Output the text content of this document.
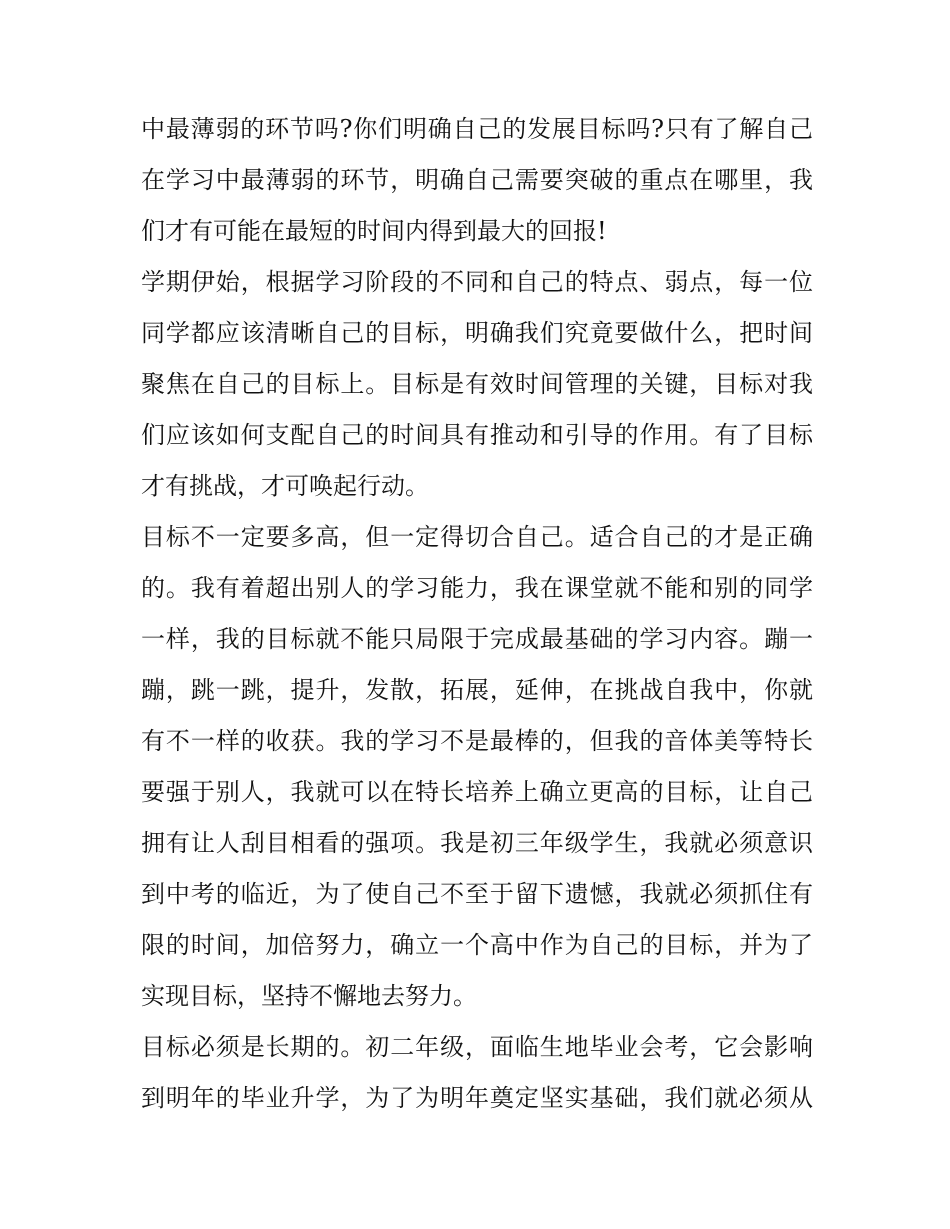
中最薄弱的环节吗?你们明确自己的发展目标吗?只有了解自己
在学习中最薄弱的环节，明确自己需要突破的重点在哪里，我
们才有可能在最短的时间内得到最大的回报!

学期伊始，根据学习阶段的不同和自己的特点、弱点，每一位
同学都应该清晰自己的目标，明确我们究竟要做什么，把时间
聚焦在自己的目标上。目标是有效时间管理的关键，目标对我
们应该如何支配自己的时间具有推动和引导的作用。有了目标
才有挑战，才可唤起行动。

目标不一定要多高，但一定得切合自己。适合自己的才是正确
的。我有着超出别人的学习能力，我在课堂就不能和别的同学
一样，我的目标就不能只局限于完成最基础的学习内容。蹦一
蹦，跳一跳，提升，发散，拓展，延伸，在挑战自我中，你就
有不一样的收获。我的学习不是最棒的，但我的音体美等特长
要强于别人，我就可以在特长培养上确立更高的目标，让自己
拥有让人刮目相看的强项。我是初三年级学生，我就必须意识
到中考的临近，为了使自己不至于留下遗憾，我就必须抓住有
限的时间，加倍努力，确立一个高中作为自己的目标，并为了
实现目标，坚持不懈地去努力。

目标必须是长期的。初二年级，面临生地毕业会考，它会影响
到明年的毕业升学，为了为明年奠定坚实基础，我们就必须从
